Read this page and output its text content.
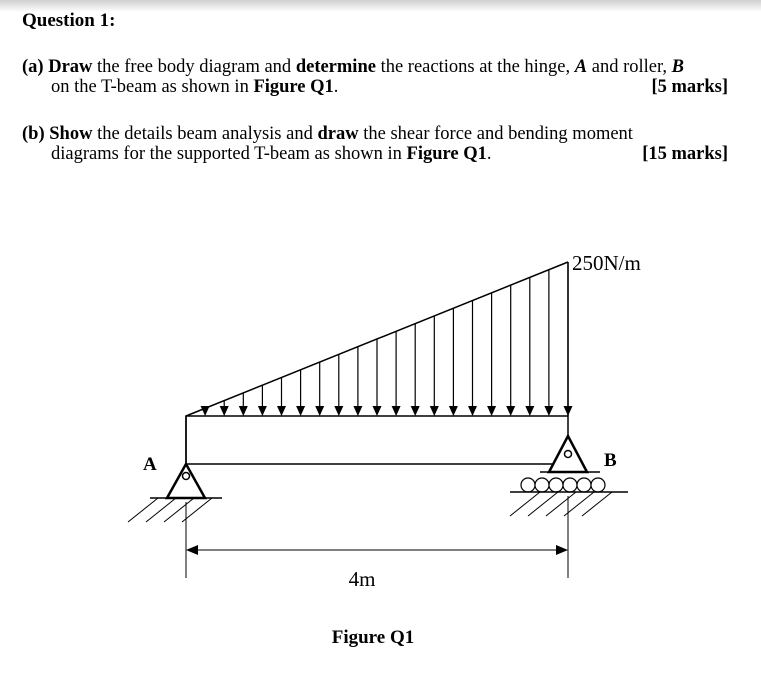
Question 1:
(a) Draw the free body diagram and determine the reactions at the hinge, A and roller, B
on the T-beam as shown in Figure Q1.	[5 marks]
(b) Show the details beam analysis and draw the shear force and bending moment
diagrams for the supported T-beam as shown in Figure Q1.	[15 marks]
250N/m
A	B
4m
Figure Q1
